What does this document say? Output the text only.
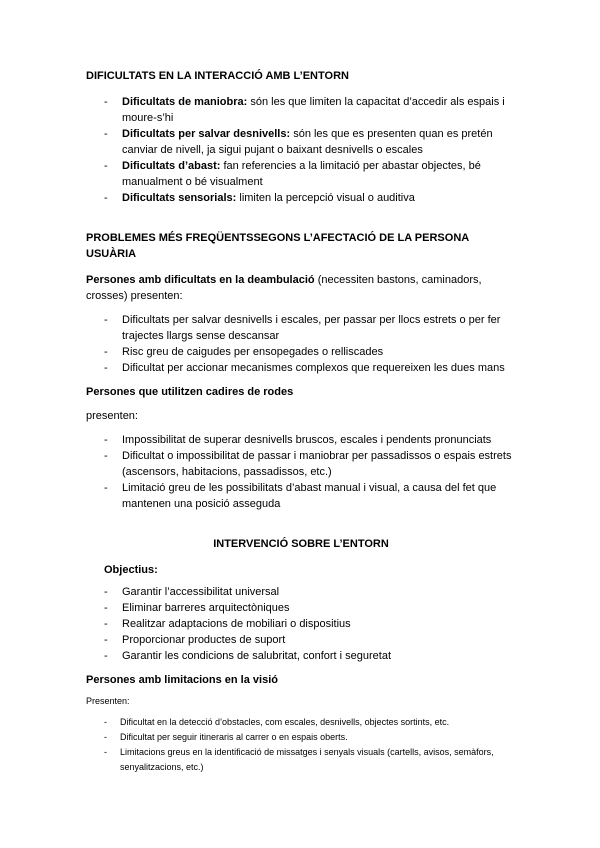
DIFICULTATS EN LA INTERACCIÓ AMB L’ENTORN

- Dificultats de maniobra: són les que limiten la capacitat d’accedir als espais i moure-s’hi
- Dificultats per salvar desnivells: són les que es presenten quan es pretén canviar de nivell, ja sigui pujant o baixant desnivells o escales
- Dificultats d’abast: fan referencies a la limitació per abastar objectes, bé manualment o bé visualment
- Dificultats sensorials: limiten la percepció visual o auditiva

PROBLEMES MÉS FREQÜENTSSEGONS L’AFECTACIÓ DE LA PERSONA USUÀRIA

Persones amb dificultats en la deambulació (necessiten bastons, caminadors, crosses) presenten:

- Dificultats per salvar desnivells i escales, per passar per llocs estrets o per fer trajectes llargs sense descansar
- Risc greu de caigudes per ensopegades o relliscades
- Dificultat per accionar mecanismes complexos que requereixen les dues mans

Persones que utilitzen cadires de rodes

presenten:

- Impossibilitat de superar desnivells bruscos, escales i pendents pronunciats
- Dificultat o impossibilitat de passar i maniobrar per passadissos o espais estrets (ascensors, habitacions, passadissos, etc.)
- Limitació greu de les possibilitats d’abast manual i visual, a causa del fet que mantenen una posició asseguda

INTERVENCIÓ SOBRE L’ENTORN

Objectius:

- Garantir l’accessibilitat universal
- Eliminar barreres arquitectòniques
- Realitzar adaptacions de mobiliari o dispositius
- Proporcionar productes de suport
- Garantir les condicions de salubritat, confort i seguretat

Persones amb limitacions en la visió

Presenten:

- Dificultat en la detecció d’obstacles, com escales, desnivells, objectes sortints, etc.
- Dificultat per seguir itineraris al carrer o en espais oberts.
- Limitacions greus en la identificació de missatges i senyals visuals (cartells, avisos, semàfors, senyalitzacions, etc.)
